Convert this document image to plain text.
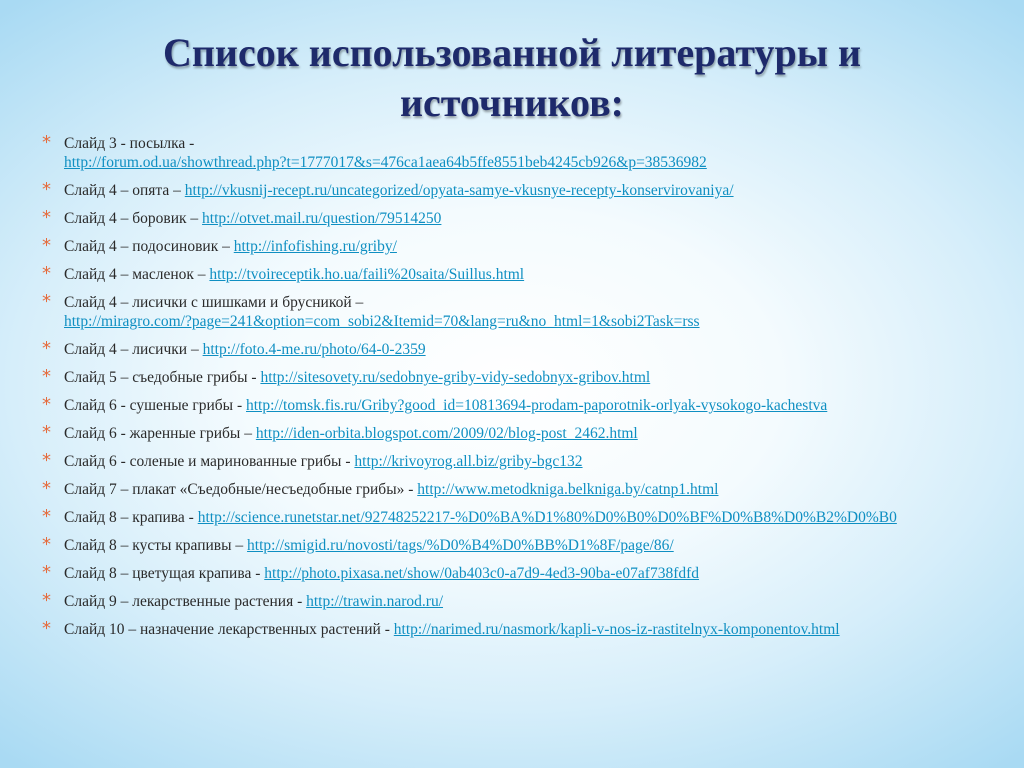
Список использованной литературы и источников:
* Слайд 3 - посылка -
http://forum.od.ua/showthread.php?t=1777017&s=476ca1aea64b5ffe8551beb4245cb926&p=38536982
* Слайд 4 – опята – http://vkusnij-recept.ru/uncategorized/opyata-samye-vkusnye-recepty-konservirovaniya/
* Слайд 4 – боровик – http://otvet.mail.ru/question/79514250
* Слайд 4 – подосиновик – http://infofishing.ru/griby/
* Слайд 4 – масленок – http://tvoireceptik.ho.ua/faili%20saita/Suillus.html
* Слайд 4 – лисички с шишками и брусникой –
http://miragro.com/?page=241&option=com_sobi2&Itemid=70&lang=ru&no_html=1&sobi2Task=rss
* Слайд 4 – лисички – http://foto.4-me.ru/photo/64-0-2359
* Слайд 5 – съедобные грибы - http://sitesovety.ru/sedobnye-griby-vidy-sedobnyx-gribov.html
* Слайд 6 - сушеные грибы - http://tomsk.fis.ru/Griby?good_id=10813694-prodam-paporotnik-orlyak-vysokogo-kachestva
* Слайд 6 - жаренные грибы – http://iden-orbita.blogspot.com/2009/02/blog-post_2462.html
* Слайд 6 - соленые и маринованные грибы - http://krivoyrog.all.biz/griby-bgc132
* Слайд 7 – плакат «Съедобные/несъедобные грибы» - http://www.metodkniga.belkniga.by/catnp1.html
* Слайд 8 – крапива - http://science.runetstar.net/92748252217-%D0%BA%D1%80%D0%B0%D0%BF%D0%B8%D0%B2%D0%B0
* Слайд 8 – кусты крапивы – http://smigid.ru/novosti/tags/%D0%B4%D0%BB%D1%8F/page/86/
* Слайд 8 – цветущая крапива - http://photo.pixasa.net/show/0ab403c0-a7d9-4ed3-90ba-e07af738fdfd
* Слайд 9 – лекарственные растения - http://trawin.narod.ru/
* Слайд 10 – назначение лекарственных растений - http://narimed.ru/nasmork/kapli-v-nos-iz-rastitelnyx-komponentov.html
